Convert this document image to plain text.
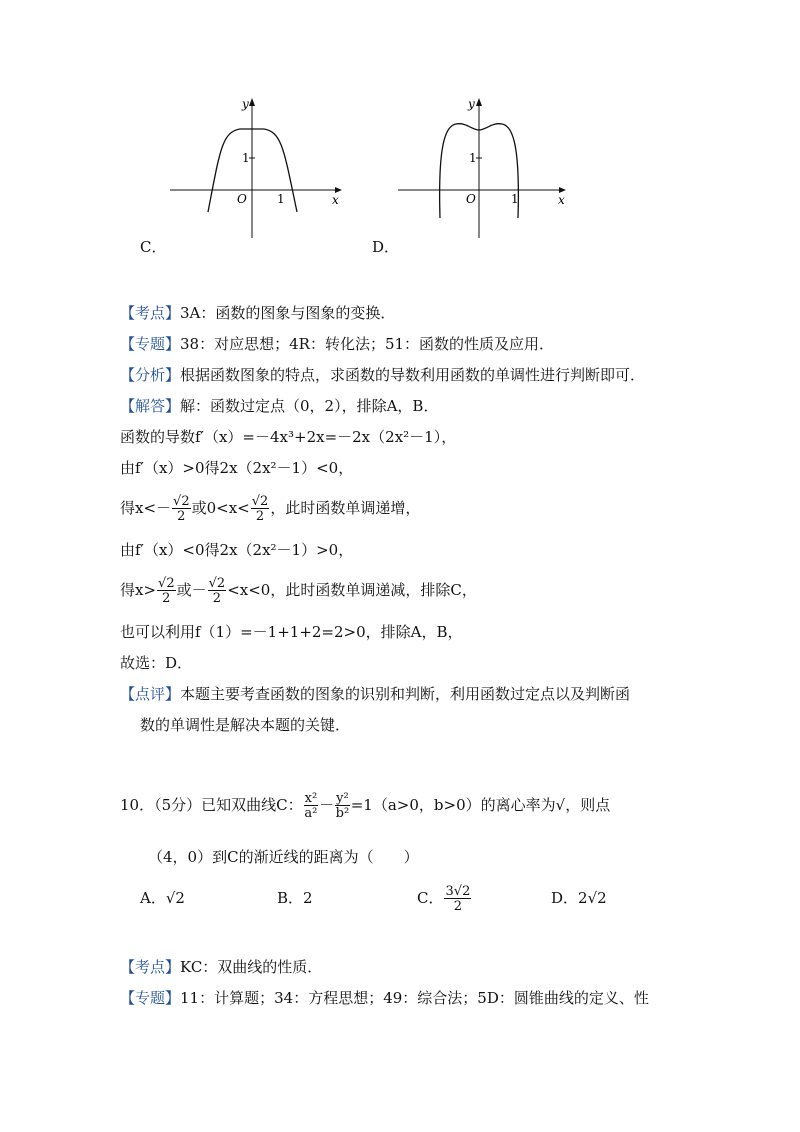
y
x
O
1
1
C．
y
x
O
1
1
D．
【考点】3A：函数的图象与图象的变换．
【专题】38：对应思想；4R：转化法；51：函数的性质及应用．
【分析】根据函数图象的特点，求函数的导数利用函数的单调性进行判断即可．
【解答】解：函数过定点（0，2），排除A，B．
函数的导数f′（x）=－4x³+2x=－2x（2x²－1），
由f′（x）>0得2x（2x²－1）<0，
得$x<- \frac{√2}{2}$ 或$0<x< \frac{√2}{2}$ ，此时函数单调递增，
由f′（x）<0得2x（2x²－1）>0，
得$x> \frac{√2}{2}$ 或－ $\frac{√2}{2} <x<0$，此时函数单调递减，排除C，
也可以利用f（1）=－1+1+2=2>0，排除A，B，
故选：D．
【点评】本题主要考查函数的图象的识别和判断，利用函数过定点以及判断函
数的单调性是解决本题的关键．
10．（5分）已知双曲线C： $\frac{\text{x²}}{\text{a²}} - \frac{\text{y²}}{\text{b²}} =1(a>0$，b>0）的离心率为√，则点
（4，0）到C的渐近线的距离为（　　）
A．√2	B．2	C． $\frac{3√2}{2}$	D．2√2
【考点】KC：双曲线的性质．
【专题】11：计算题；34：方程思想；49：综合法；5D：圆锥曲线的定义、性
